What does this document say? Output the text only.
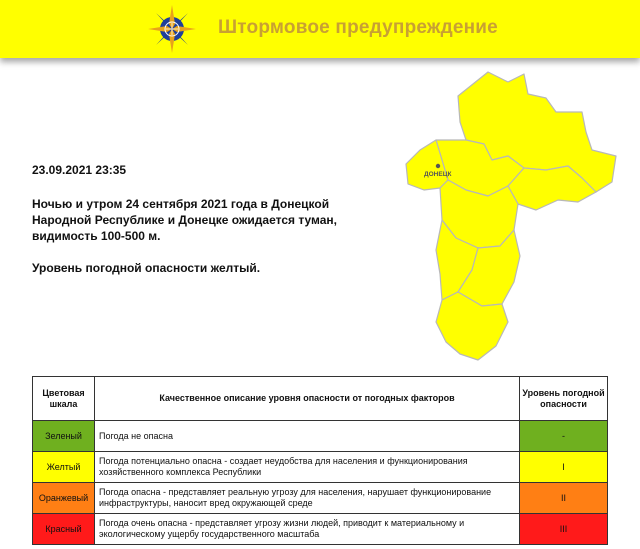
Штормовое предупреждение
23.09.2021 23:35
Ночью и утром 24 сентября 2021 года в Донецкой Народной Республике и Донецке ожидается туман, видимость 100-500 м.
Уровень погодной опасности желтый.
ДОНЕЦК
Цветовая шкала	Качественное описание уровня опасности от погодных факторов	Уровень погодной опасности
Зеленый	Погода не опасна	-
Желтый	Погода потенциально опасна - создает неудобства для населения и функционирования хозяйственного комплекса Республики	I
Оранжевый	Погода опасна - представляет реальную угрозу для населения, нарушает функционирование инфраструктуры, наносит вред окружающей среде	II
Красный	Погода очень опасна - представляет угрозу жизни людей, приводит к материальному и экологическому ущербу государственного масштаба	III
